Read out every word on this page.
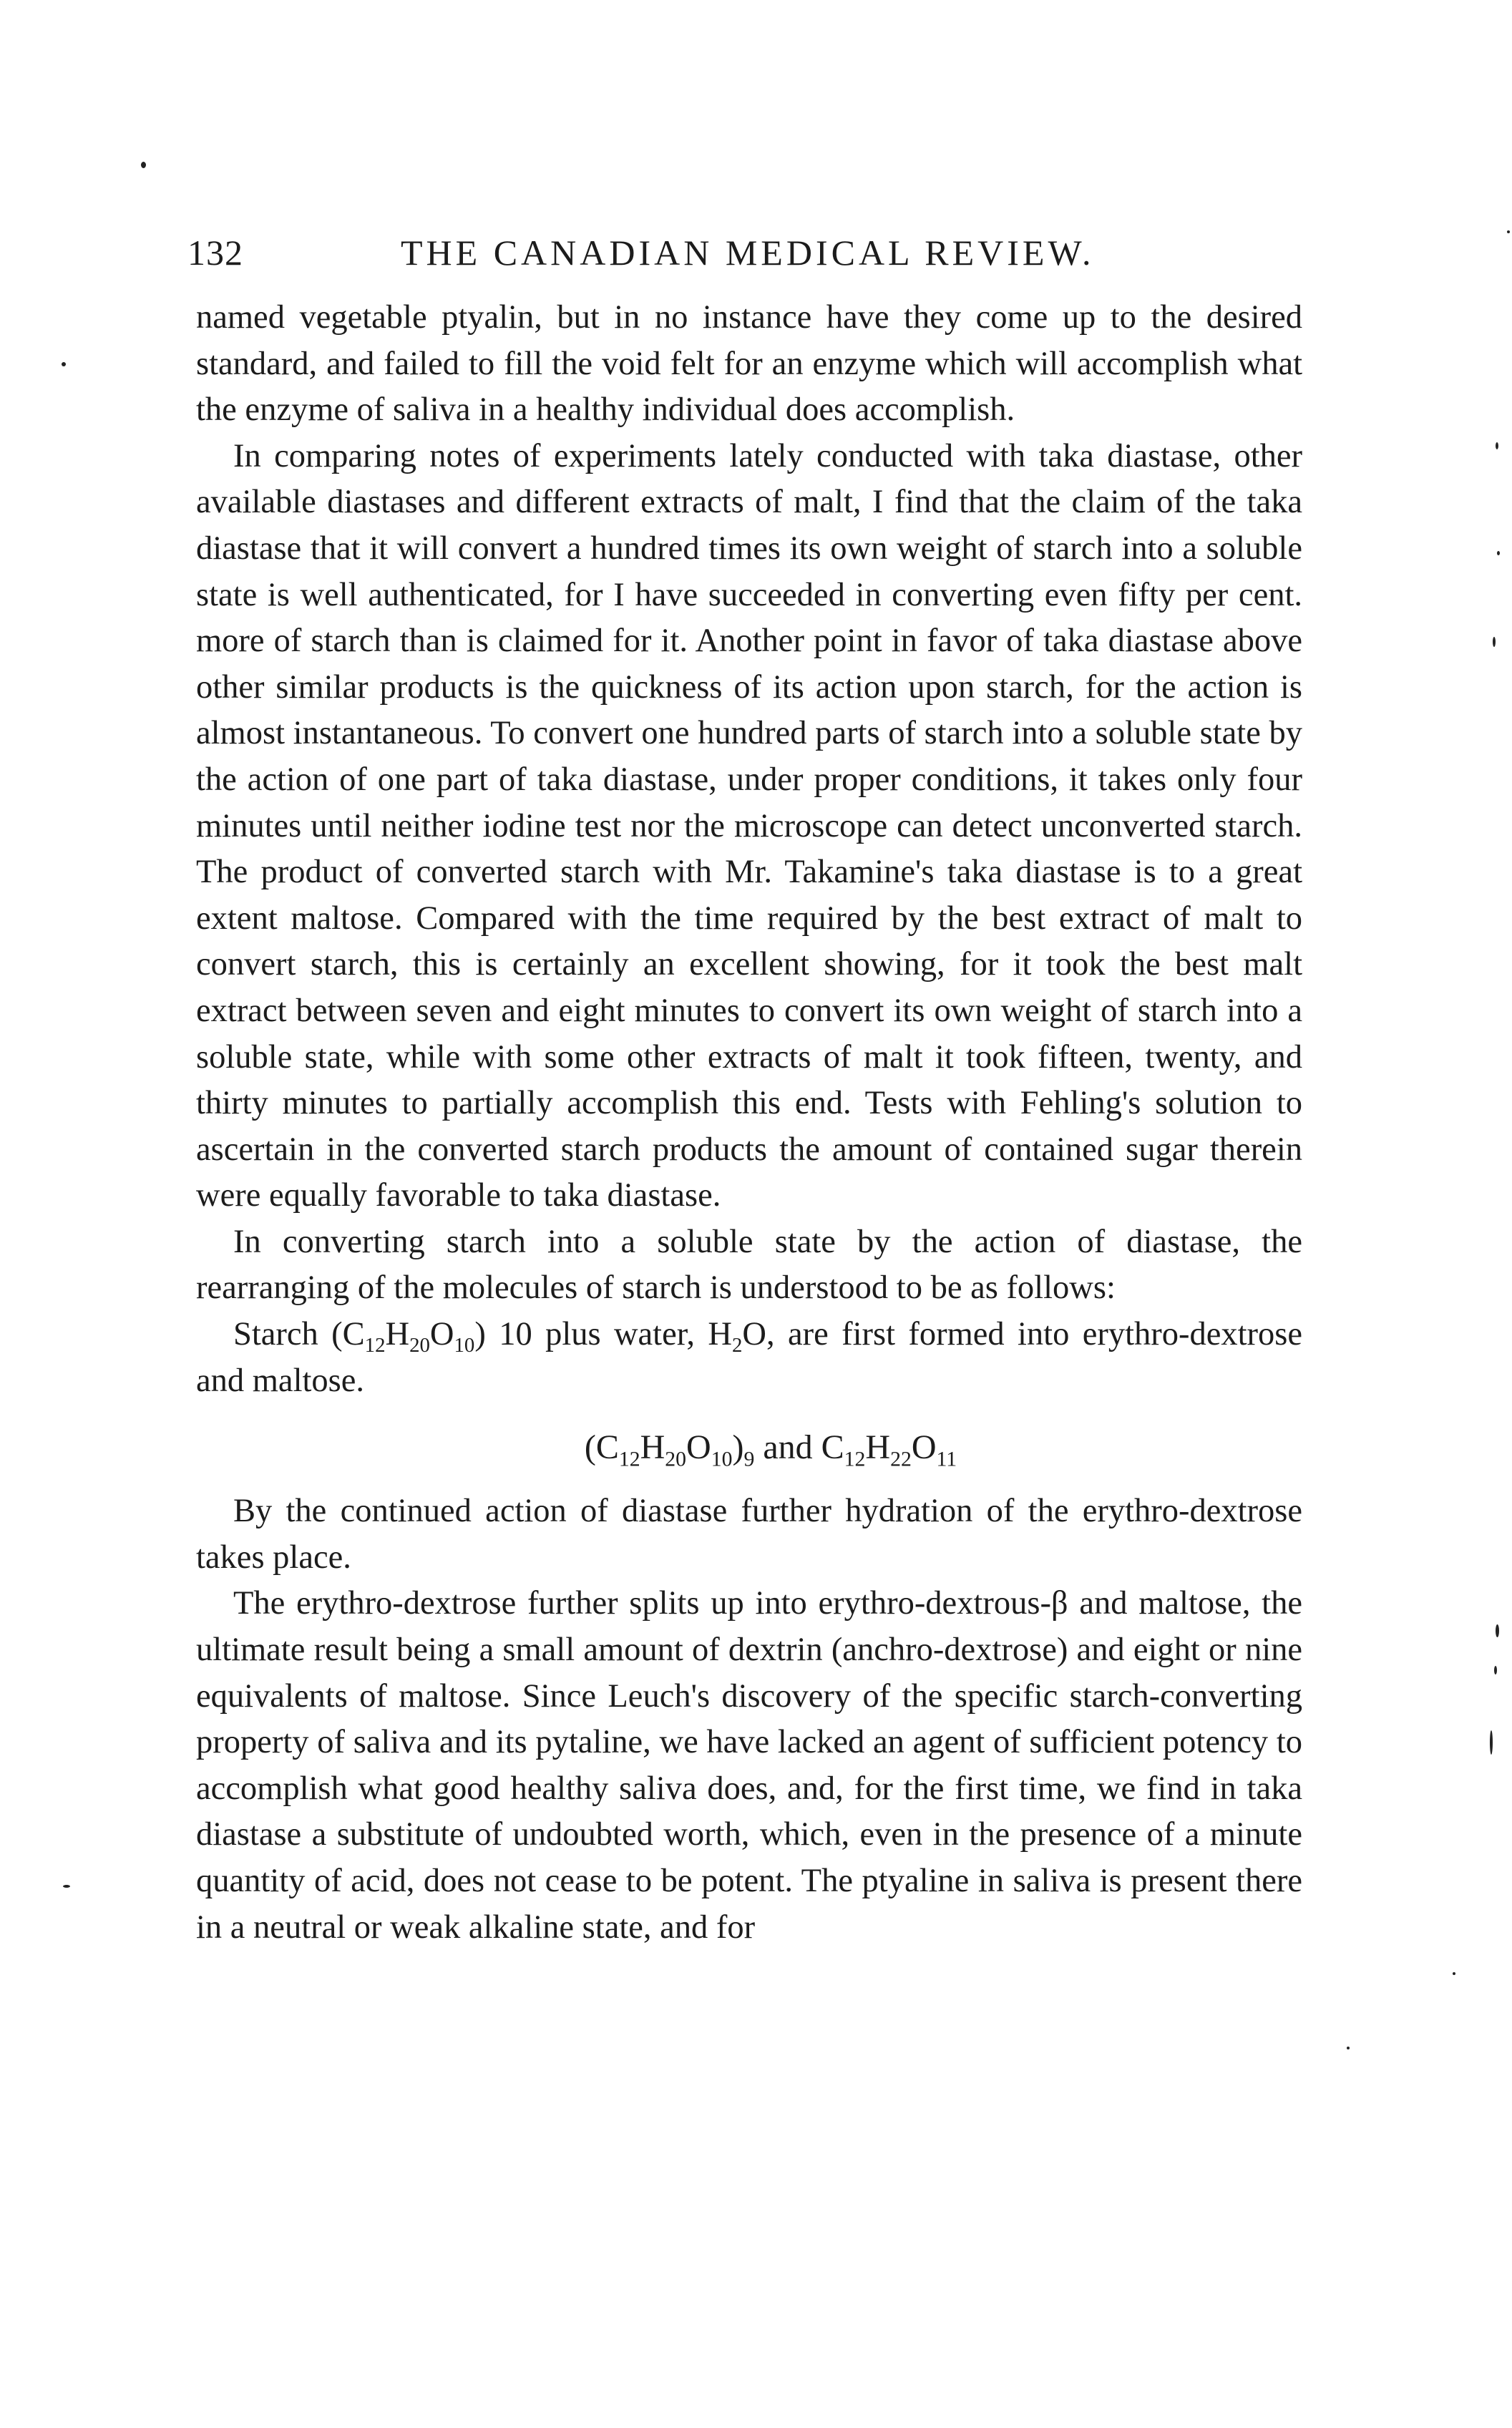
132	THE CANADIAN MEDICAL REVIEW.

named vegetable ptyalin, but in no instance have they come up to the desired standard, and failed to fill the void felt for an enzyme which will accomplish what the enzyme of saliva in a healthy individual does accomplish.

In comparing notes of experiments lately conducted with taka diastase, other available diastases and different extracts of malt, I find that the claim of the taka diastase that it will convert a hundred times its own weight of starch into a soluble state is well authenticated, for I have succeeded in converting even fifty per cent. more of starch than is claimed for it. Another point in favor of taka diastase above other similar products is the quickness of its action upon starch, for the action is almost instantaneous. To convert one hundred parts of starch into a soluble state by the action of one part of taka diastase, under proper conditions, it takes only four minutes until neither iodine test nor the microscope can detect unconverted starch. The product of converted starch with Mr. Takamine's taka diastase is to a great extent maltose. Compared with the time required by the best extract of malt to convert starch, this is certainly an excellent showing, for it took the best malt extract between seven and eight minutes to convert its own weight of starch into a soluble state, while with some other extracts of malt it took fifteen, twenty, and thirty minutes to partially accomplish this end. Tests with Fehling's solution to ascertain in the converted starch products the amount of contained sugar therein were equally favorable to taka diastase.

In converting starch into a soluble state by the action of diastase, the rearranging of the molecules of starch is understood to be as follows:

Starch $(C_{12}H_{20}O_{10})$ 10 plus water, $H_2O$, are first formed into erythro-dextrose and maltose.

$(C_{12}H_{20}O_{10})_9$ and $C_{12}H_{22}O_{11}$

By the continued action of diastase further hydration of the erythro-dextrose takes place.

The erythro-dextrose further splits up into erythro-dextrous-β and maltose, the ultimate result being a small amount of dextrin (anchro-dextrose) and eight or nine equivalents of maltose. Since Leuch's discovery of the specific starch-converting property of saliva and its pytaline, we have lacked an agent of sufficient potency to accomplish what good healthy saliva does, and, for the first time, we find in taka diastase a substitute of undoubted worth, which, even in the presence of a minute quantity of acid, does not cease to be potent. The ptyaline in saliva is present there in a neutral or weak alkaline state, and for
